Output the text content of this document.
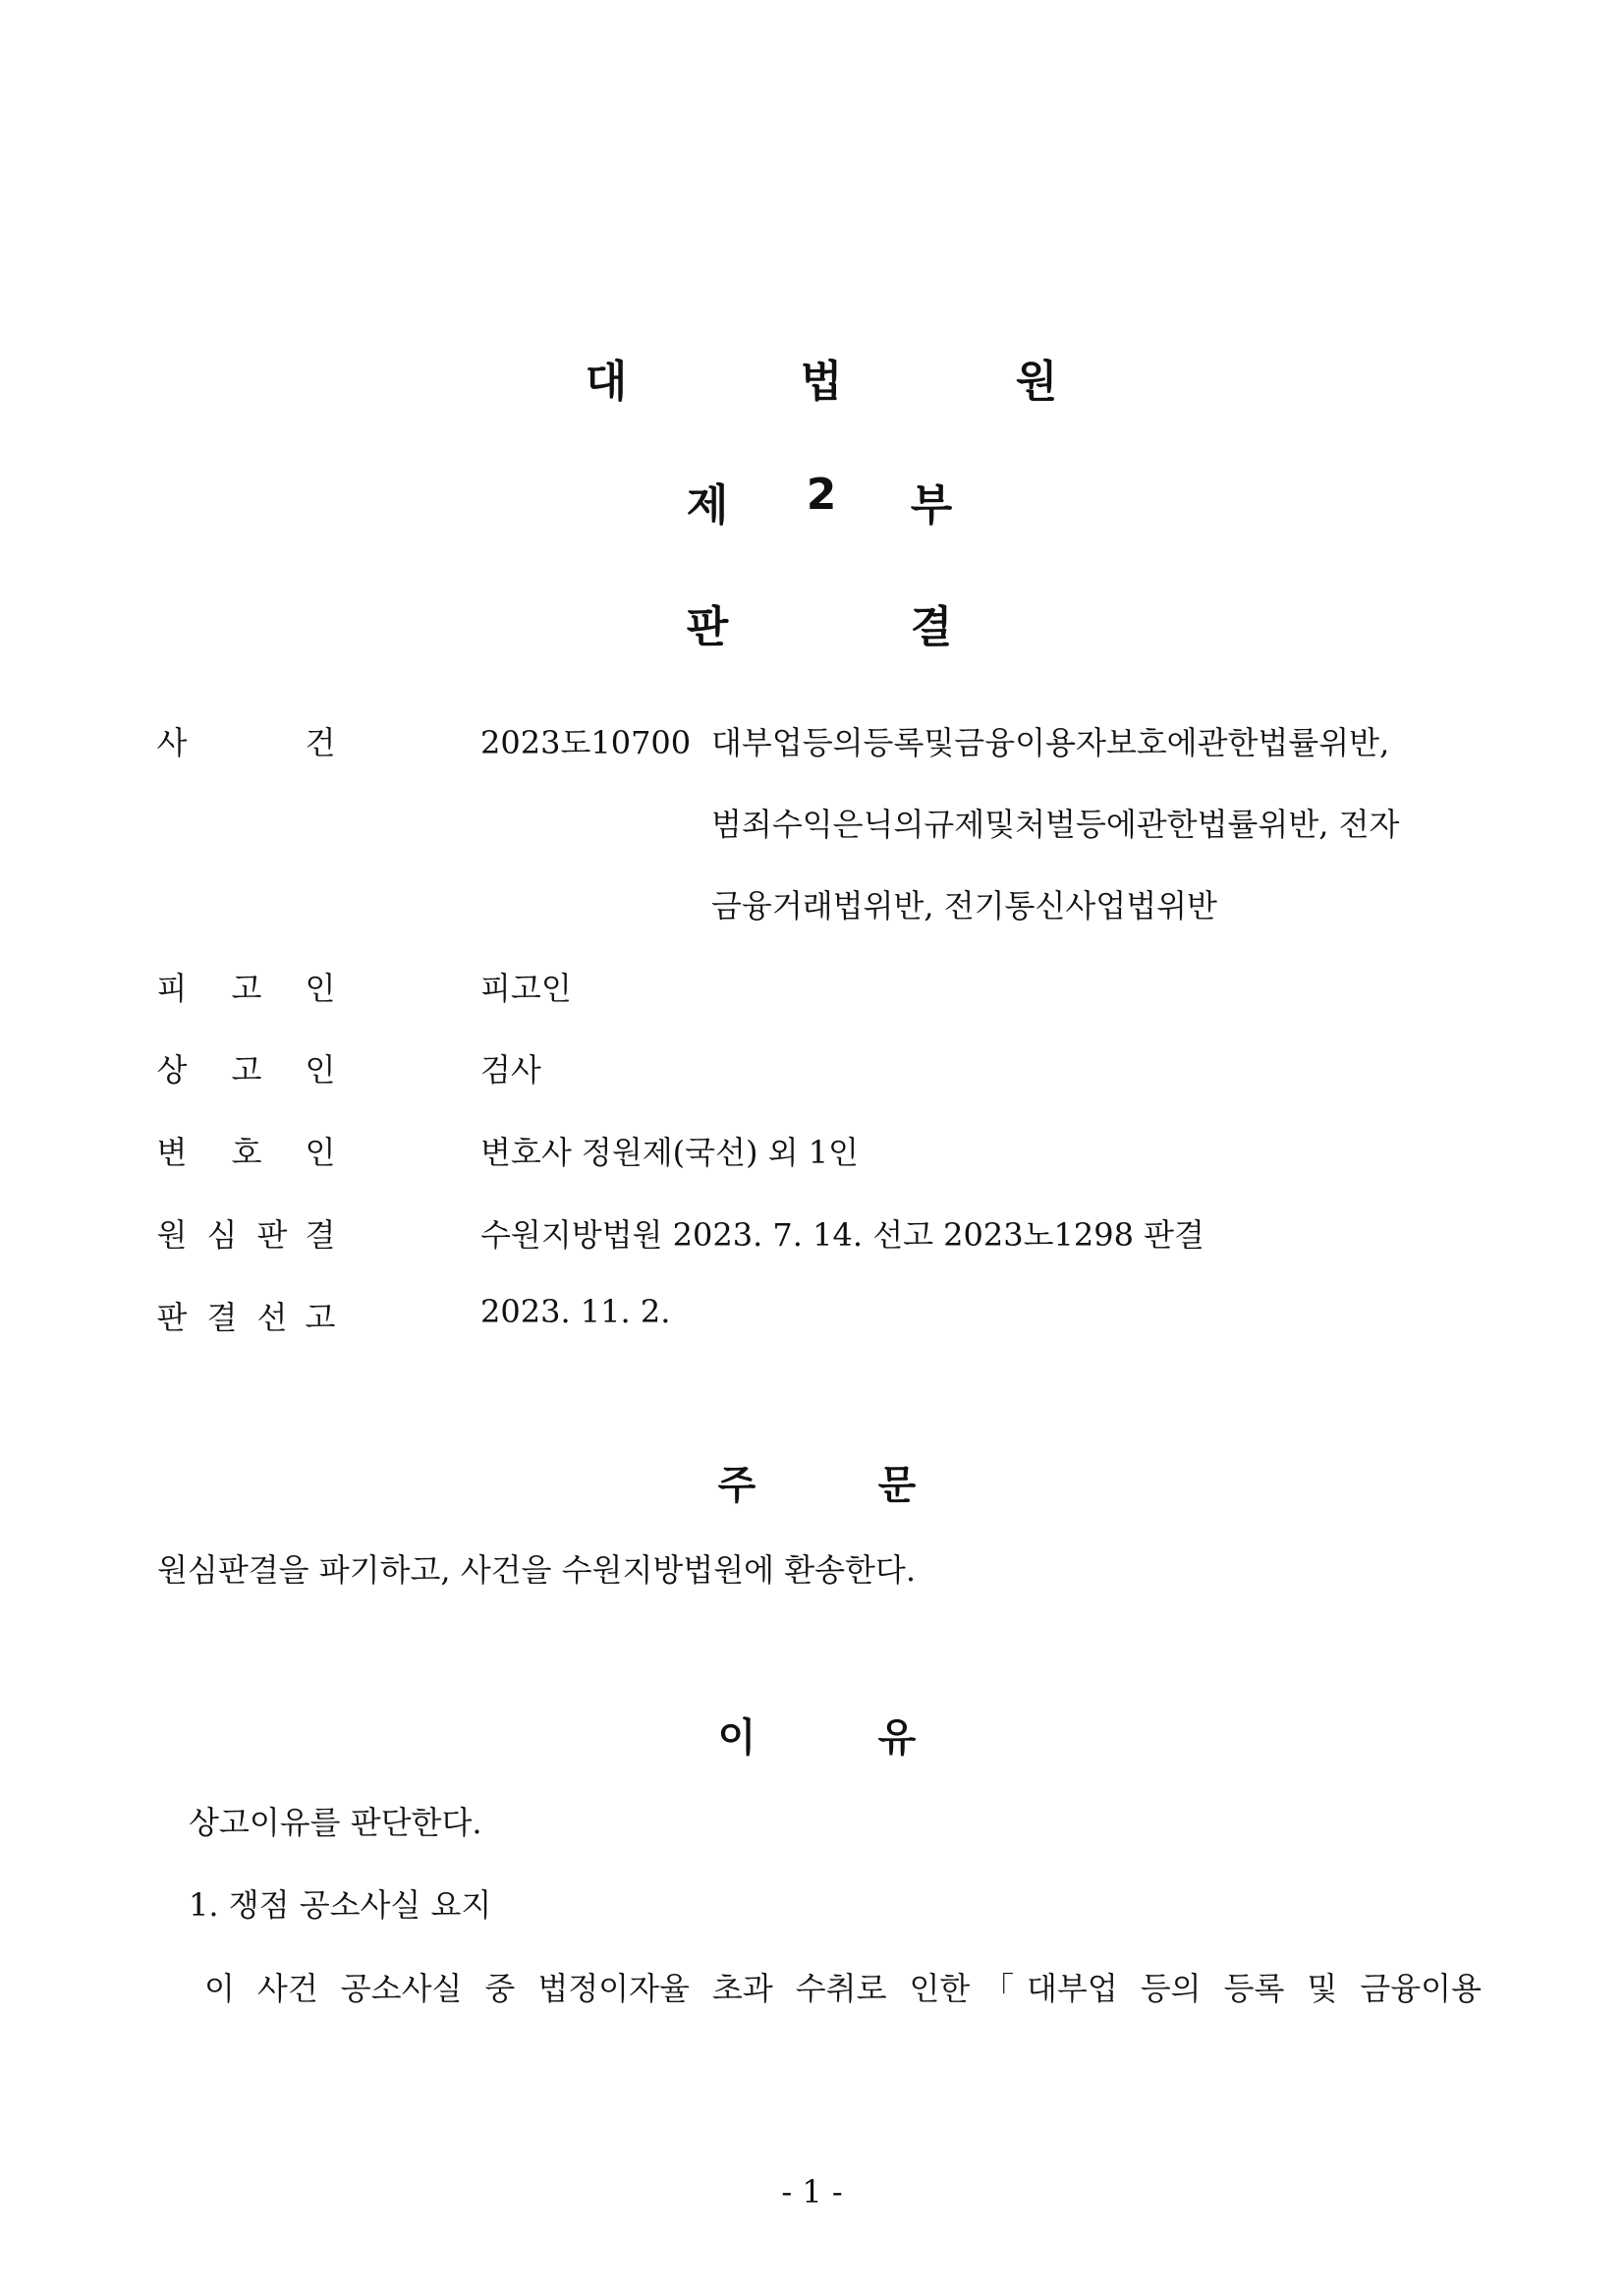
대	법	원
제 2 부
판	결
사	건	2023도10700 대부업등의등록및금융이용자보호에관한법률위반,
범죄수익은닉의규제및처벌등에관한법률위반, 전자
금융거래법위반, 전기통신사업법위반
피 고 인	피고인
상 고 인	검사
변 호 인	변호사 정원제(국선) 외 1인
원 심 판 결	수원지방법원 2023. 7. 14. 선고 2023노1298 판결
판 결 선 고	2023. 11. 2.
주	문
원심판결을 파기하고, 사건을 수원지방법원에 환송한다.
이	유
상고이유를 판단한다.
1. 쟁점 공소사실 요지
이 사건 공소사실 중 법정이자율 초과 수취로 인한「대부업 등의 등록 및 금융이용
- 1 -
